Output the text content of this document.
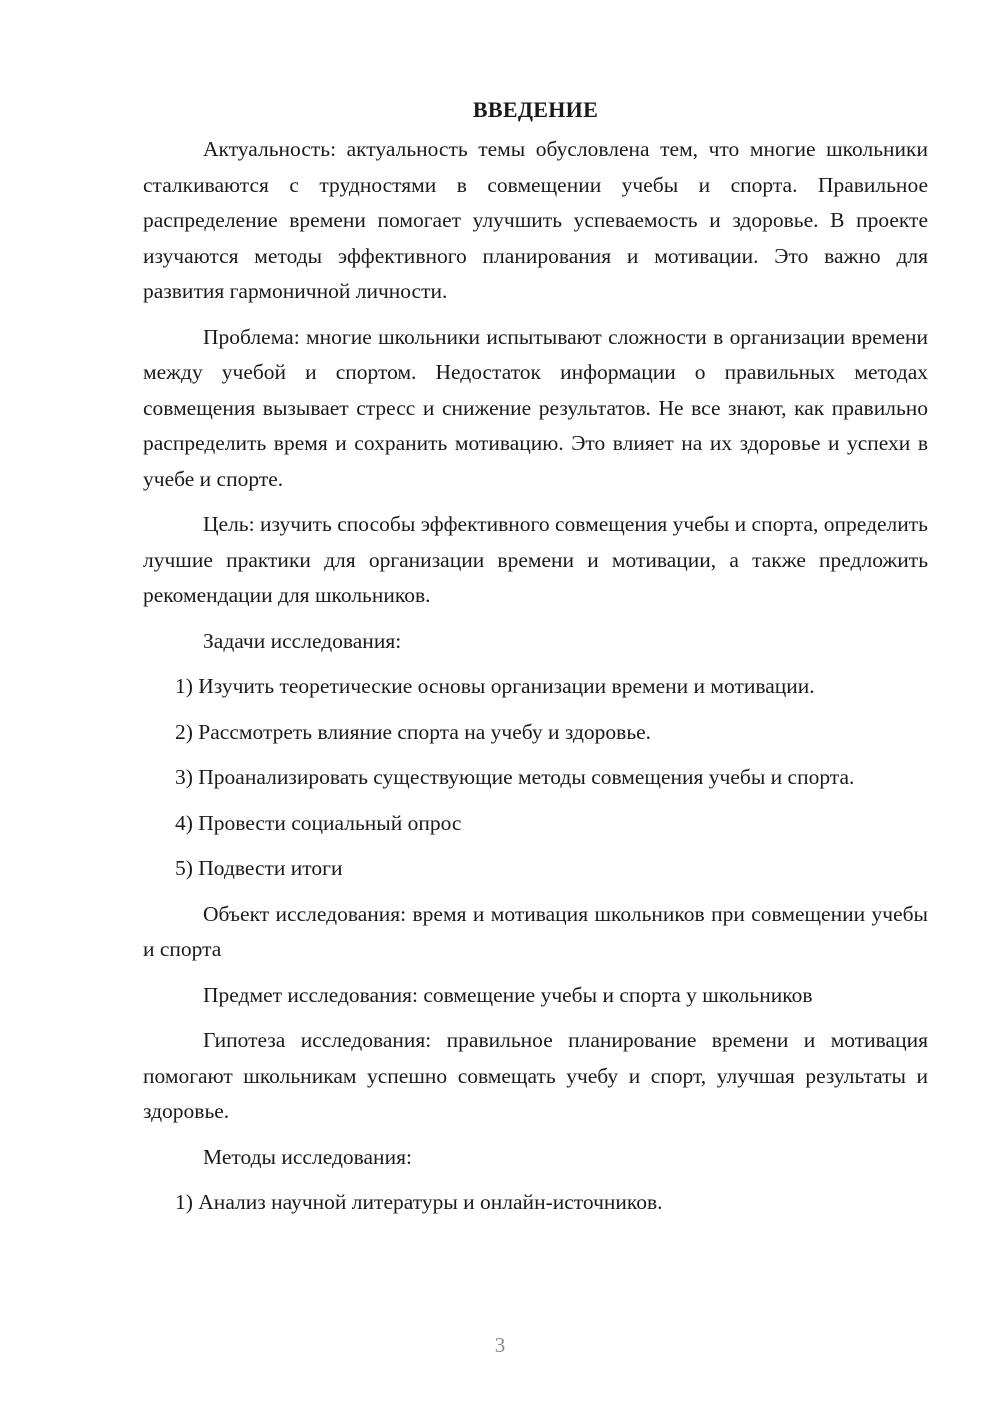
ВВЕДЕНИЕ

Актуальность: актуальность темы обусловлена тем, что многие школьники сталкиваются с трудностями в совмещении учебы и спорта. Правильное распределение времени помогает улучшить успеваемость и здоровье. В проекте изучаются методы эффективного планирования и мотивации. Это важно для развития гармоничной личности.

Проблема: многие школьники испытывают сложности в организации времени между учебой и спортом. Недостаток информации о правильных методах совмещения вызывает стресс и снижение результатов. Не все знают, как правильно распределить время и сохранить мотивацию. Это влияет на их здоровье и успехи в учебе и спорте.

Цель: изучить способы эффективного совмещения учебы и спорта, определить лучшие практики для организации времени и мотивации, а также предложить рекомендации для школьников.

Задачи исследования:

1) Изучить теоретические основы организации времени и мотивации.

2) Рассмотреть влияние спорта на учебу и здоровье.

3) Проанализировать существующие методы совмещения учебы и спорта.

4) Провести социальный опрос

5) Подвести итоги

Объект исследования: время и мотивация школьников при совмещении учебы и спорта

Предмет исследования: совмещение учебы и спорта у школьников

Гипотеза исследования: правильное планирование времени и мотивация помогают школьникам успешно совмещать учебу и спорт, улучшая результаты и здоровье.

Методы исследования:

1) Анализ научной литературы и онлайн-источников.

3
